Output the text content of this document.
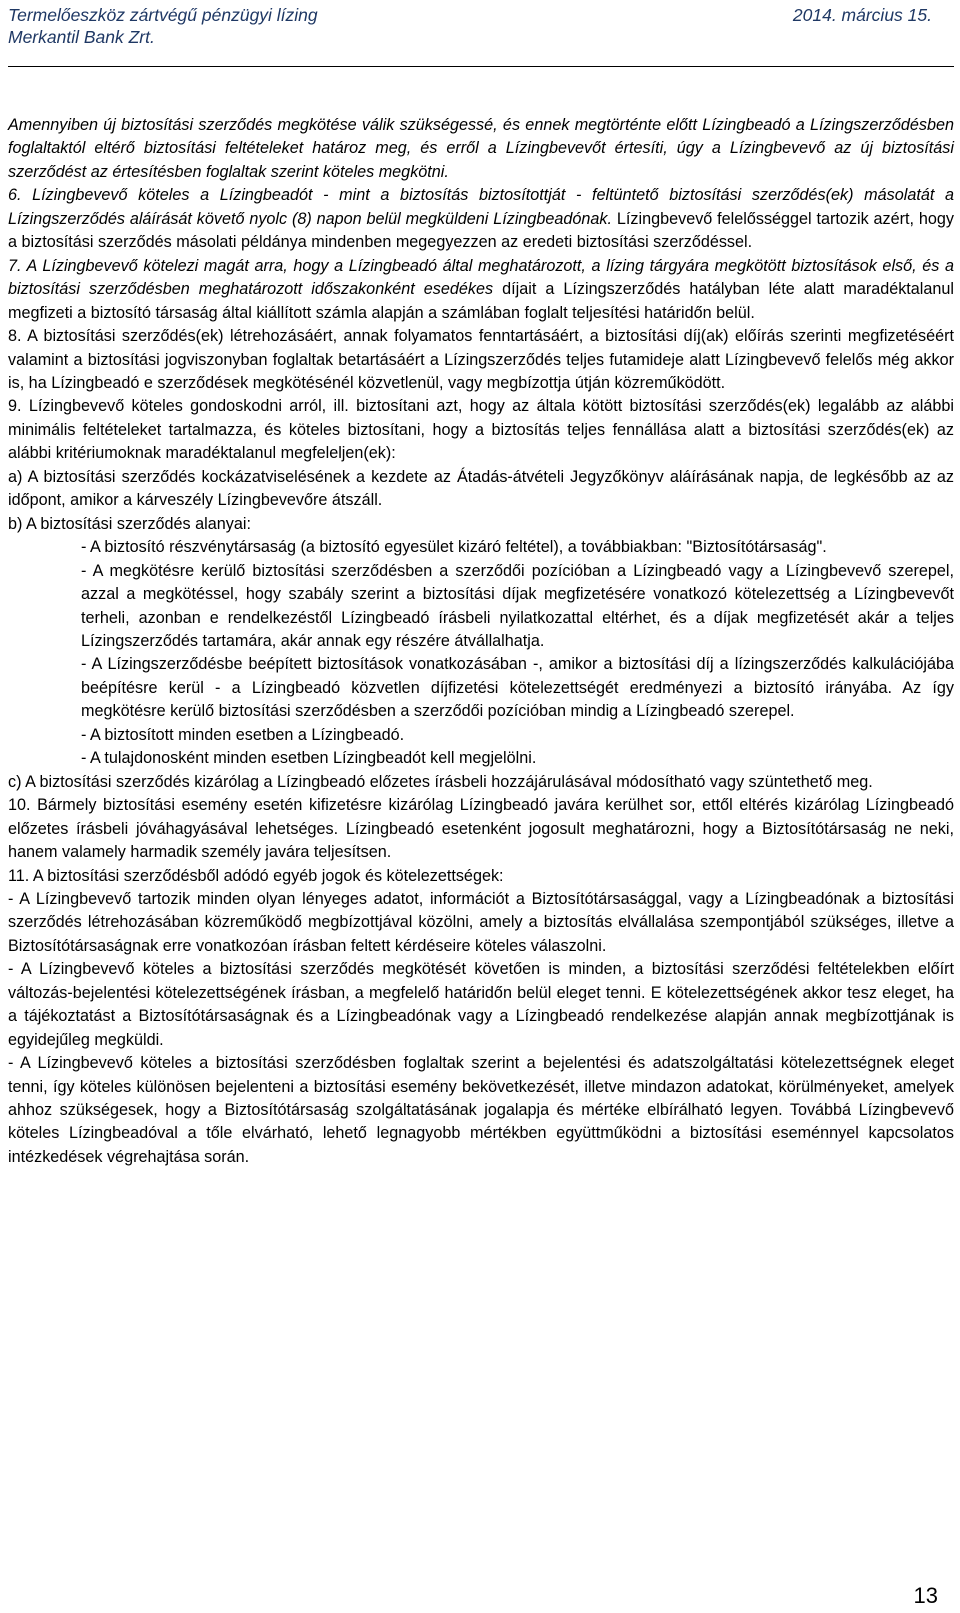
Termelőeszköz zártvégű pénzügyi lízing	2014. március 15.
Merkantil Bank Zrt.

Amennyiben új biztosítási szerződés megkötése válik szükségessé, és ennek megtörténte előtt Lízingbeadó a Lízingszerződésben foglaltaktól eltérő biztosítási feltételeket határoz meg, és erről a Lízingbevevőt értesíti, úgy a Lízingbevevő az új biztosítási szerződést az értesítésben foglaltak szerint köteles megkötni.

6. Lízingbevevő köteles a Lízingbeadót - mint a biztosítás biztosítottját - feltüntető biztosítási szerződés(ek) másolatát a Lízingszerződés aláírását követő nyolc (8) napon belül megküldeni Lízingbeadónak. Lízingbevevő felelősséggel tartozik azért, hogy a biztosítási szerződés másolati példánya mindenben megegyezzen az eredeti biztosítási szerződéssel.

7. A Lízingbevevő kötelezi magát arra, hogy a Lízingbeadó által meghatározott, a lízing tárgyára megkötött biztosítások első, és a biztosítási szerződésben meghatározott időszakonként esedékes díjait a Lízingszerződés hatályban léte alatt maradéktalanul megfizeti a biztosító társaság által kiállított számla alapján a számlában foglalt teljesítési határidőn belül.

8. A biztosítási szerződés(ek) létrehozásáért, annak folyamatos fenntartásáért, a biztosítási díj(ak) előírás szerinti megfizetéséért valamint a biztosítási jogviszonyban foglaltak betartásáért a Lízingszerződés teljes futamideje alatt Lízingbevevő felelős még akkor is, ha Lízingbeadó e szerződések megkötésénél közvetlenül, vagy megbízottja útján közreműködött.

9. Lízingbevevő köteles gondoskodni arról, ill. biztosítani azt, hogy az általa kötött biztosítási szerződés(ek) legalább az alábbi minimális feltételeket tartalmazza, és köteles biztosítani, hogy a biztosítás teljes fennállása alatt a biztosítási szerződés(ek) az alábbi kritériumoknak maradéktalanul megfeleljen(ek):

a) A biztosítási szerződés kockázatviselésének a kezdete az Átadás-átvételi Jegyzőkönyv aláírásának napja, de legkésőbb az az időpont, amikor a kárveszély Lízingbevevőre átszáll.

b) A biztosítási szerződés alanyai:

- A biztosító részvénytársaság (a biztosító egyesület kizáró feltétel), a továbbiakban: "Biztosítótársaság".

- A megkötésre kerülő biztosítási szerződésben a szerződői pozícióban a Lízingbeadó vagy a Lízingbevevő szerepel, azzal a megkötéssel, hogy szabály szerint a biztosítási díjak megfizetésére vonatkozó kötelezettség a Lízingbevevőt terheli, azonban e rendelkezéstől Lízingbeadó írásbeli nyilatkozattal eltérhet, és a díjak megfizetését akár a teljes Lízingszerződés tartamára, akár annak egy részére átvállalhatja.

- A Lízingszerződésbe beépített biztosítások vonatkozásában -, amikor a biztosítási díj a lízingszerződés kalkulációjába beépítésre kerül - a Lízingbeadó közvetlen díjfizetési kötelezettségét eredményezi a biztosító irányába. Az így megkötésre kerülő biztosítási szerződésben a szerződői pozícióban mindig a Lízingbeadó szerepel.

- A biztosított minden esetben a Lízingbeadó.

- A tulajdonosként minden esetben Lízingbeadót kell megjelölni.

c) A biztosítási szerződés kizárólag a Lízingbeadó előzetes írásbeli hozzájárulásával módosítható vagy szüntethető meg.

10. Bármely biztosítási esemény esetén kifizetésre kizárólag Lízingbeadó javára kerülhet sor, ettől eltérés kizárólag Lízingbeadó előzetes írásbeli jóváhagyásával lehetséges. Lízingbeadó esetenként jogosult meghatározni, hogy a Biztosítótársaság ne neki, hanem valamely harmadik személy javára teljesítsen.

11. A biztosítási szerződésből adódó egyéb jogok és kötelezettségek:

- A Lízingbevevő tartozik minden olyan lényeges adatot, információt a Biztosítótársasággal, vagy a Lízingbeadónak a biztosítási szerződés létrehozásában közreműködő megbízottjával közölni, amely a biztosítás elvállalása szempontjából szükséges, illetve a Biztosítótársaságnak erre vonatkozóan írásban feltett kérdéseire köteles válaszolni.

- A Lízingbevevő köteles a biztosítási szerződés megkötését követően is minden, a biztosítási szerződési feltételekben előírt változás-bejelentési kötelezettségének írásban, a megfelelő határidőn belül eleget tenni. E kötelezettségének akkor tesz eleget, ha a tájékoztatást a Biztosítótársaságnak és a Lízingbeadónak vagy a Lízingbeadó rendelkezése alapján annak megbízottjának is egyidejűleg megküldi.

- A Lízingbevevő köteles a biztosítási szerződésben foglaltak szerint a bejelentési és adatszolgáltatási kötelezettségnek eleget tenni, így köteles különösen bejelenteni a biztosítási esemény bekövetkezését, illetve mindazon adatokat, körülményeket, amelyek ahhoz szükségesek, hogy a Biztosítótársaság szolgáltatásának jogalapja és mértéke elbírálható legyen. Továbbá Lízingbevevő köteles Lízingbeadóval a tőle elvárható, lehető legnagyobb mértékben együttműködni a biztosítási eseménnyel kapcsolatos intézkedések végrehajtása során.

13
